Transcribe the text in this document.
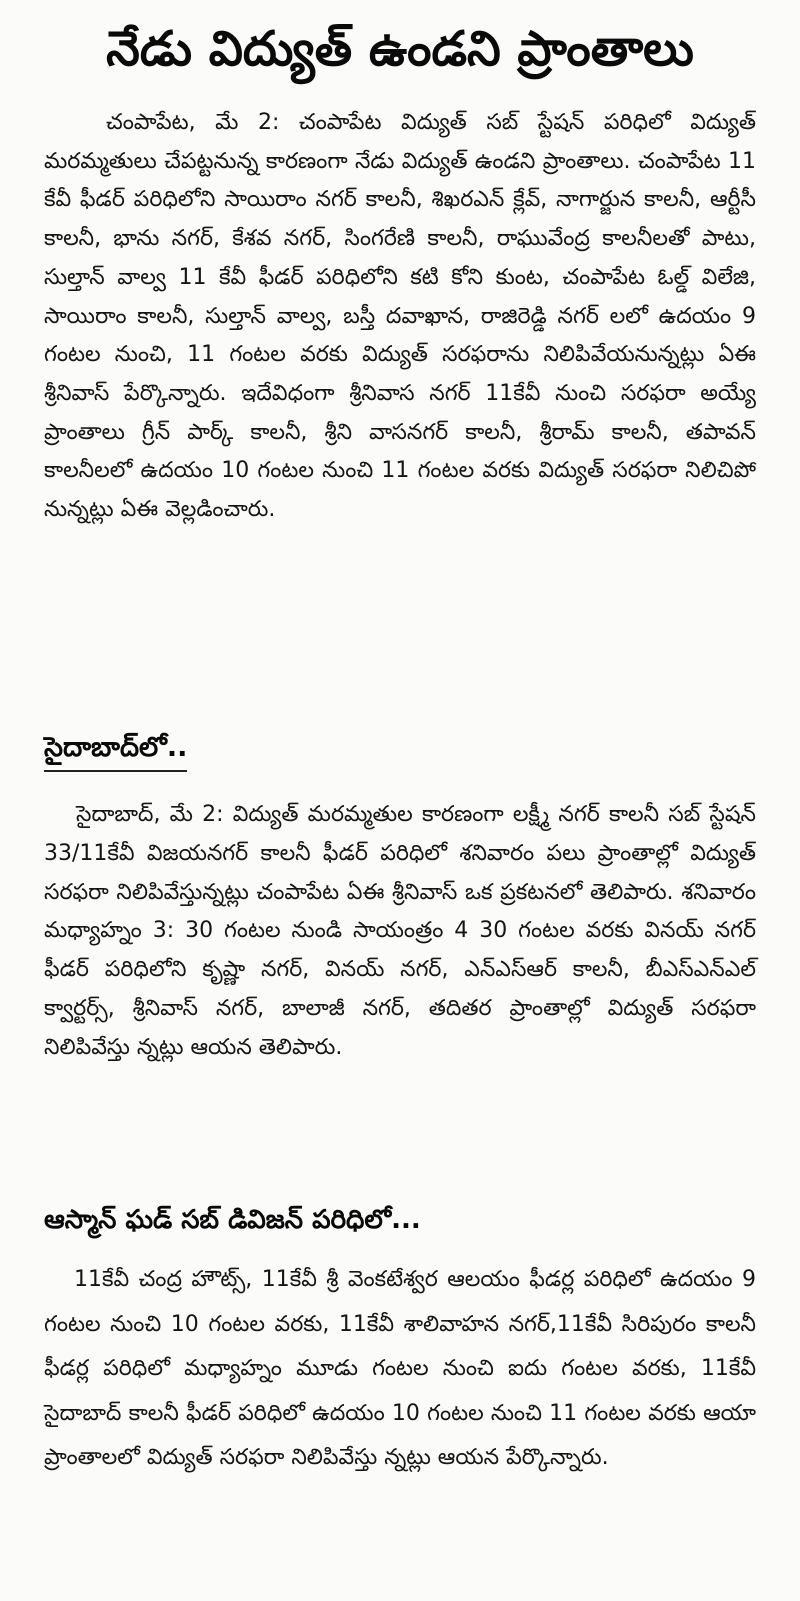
నేడు విద్యుత్ ఉండని ప్రాంతాలు

చంపాపేట, మే 2: చంపాపేట విద్యుత్ సబ్ స్టేషన్ పరిధిలో విద్యుత్ మరమ్మతులు చేపట్టనున్న కారణంగా నేడు విద్యుత్ ఉండని ప్రాంతాలు. చంపాపేట 11 కేవీ ఫీడర్ పరిధిలోని సాయిరాం నగర్ కాలనీ, శిఖరఎన్ క్లేవ్, నాగార్జున కాలనీ, ఆర్టీసీ కాలనీ, భాను నగర్, కేశవ నగర్, సింగరేణి కాలనీ, రాఘువేంద్ర కాలనీలతో పాటు, సుల్తాన్ వాల్వ 11 కేవీ ఫీడర్ పరిధిలోని కటి కోని కుంట, చంపాపేట ఓల్డ్ విలేజి, సాయిరాం కాలనీ, సుల్తాన్ వాల్వ, బస్తీ దవాఖాన, రాజిరెడ్డి నగర్ లలో ఉదయం 9 గంటల నుంచి, 11 గంటల వరకు విద్యుత్ సరఫరాను నిలిపివేయనున్నట్లు ఏఈ శ్రీనివాస్ పేర్కొన్నారు. ఇదేవిధంగా శ్రీనివాస నగర్ 11కేవీ నుంచి సరఫరా అయ్యే ప్రాంతాలు గ్రీన్ పార్క్ కాలనీ, శ్రీని వాసనగర్ కాలనీ, శ్రీరామ్ కాలనీ, తపావన్ కాలనీలలో ఉదయం 10 గంటల నుంచి 11 గంటల వరకు విద్యుత్ సరఫరా నిలిచిపో నున్నట్లు ఏఈ వెల్లడించారు.

సైదాబాద్‌లో..

సైదాబాద్, మే 2: విద్యుత్ మరమ్మతుల కారణంగా లక్ష్మీ నగర్ కాలనీ సబ్ స్టేషన్ 33/11కేవీ విజయనగర్ కాలనీ ఫీడర్ పరిధిలో శనివారం పలు ప్రాంతాల్లో విద్యుత్ సరఫరా నిలిపివేస్తున్నట్లు చంపాపేట ఏఈ శ్రీనివాస్ ఒక ప్రకటనలో తెలిపారు. శనివారం మధ్యాహ్నం 3: 30 గంటల నుండి సాయంత్రం 4 30 గంటల వరకు వినయ్ నగర్ ఫీడర్ పరిధిలోని కృష్ణా నగర్, వినయ్ నగర్, ఎన్ఎస్ఆర్ కాలనీ, బీఎస్ఎన్ఎల్ క్వార్టర్స్, శ్రీనివాస్ నగర్, బాలాజీ నగర్, తదితర ప్రాంతాల్లో విద్యుత్ సరఫరా నిలిపివేస్తు న్నట్లు ఆయన తెలిపారు.

ఆస్మాన్ ఘడ్ సబ్ డివిజన్ పరిధిలో...

11కేవీ చంద్ర హౌట్స్, 11కేవీ శ్రీ వెంకటేశ్వర ఆలయం ఫీడర్ల పరిధిలో ఉదయం 9 గంటల నుంచి 10 గంటల వరకు, 11కేవీ శాలివాహన నగర్,11కేవీ సిరిపురం కాలనీ ఫీడర్ల పరిధిలో మధ్యాహ్నం మూడు గంటల నుంచి ఐదు గంటల వరకు, 11కేవీ సైదాబాద్ కాలనీ ఫీడర్ పరిధిలో ఉదయం 10 గంటల నుంచి 11 గంటల వరకు ఆయా ప్రాంతాలలో విద్యుత్ సరఫరా నిలిపివేస్తు న్నట్లు ఆయన పేర్కొన్నారు.
